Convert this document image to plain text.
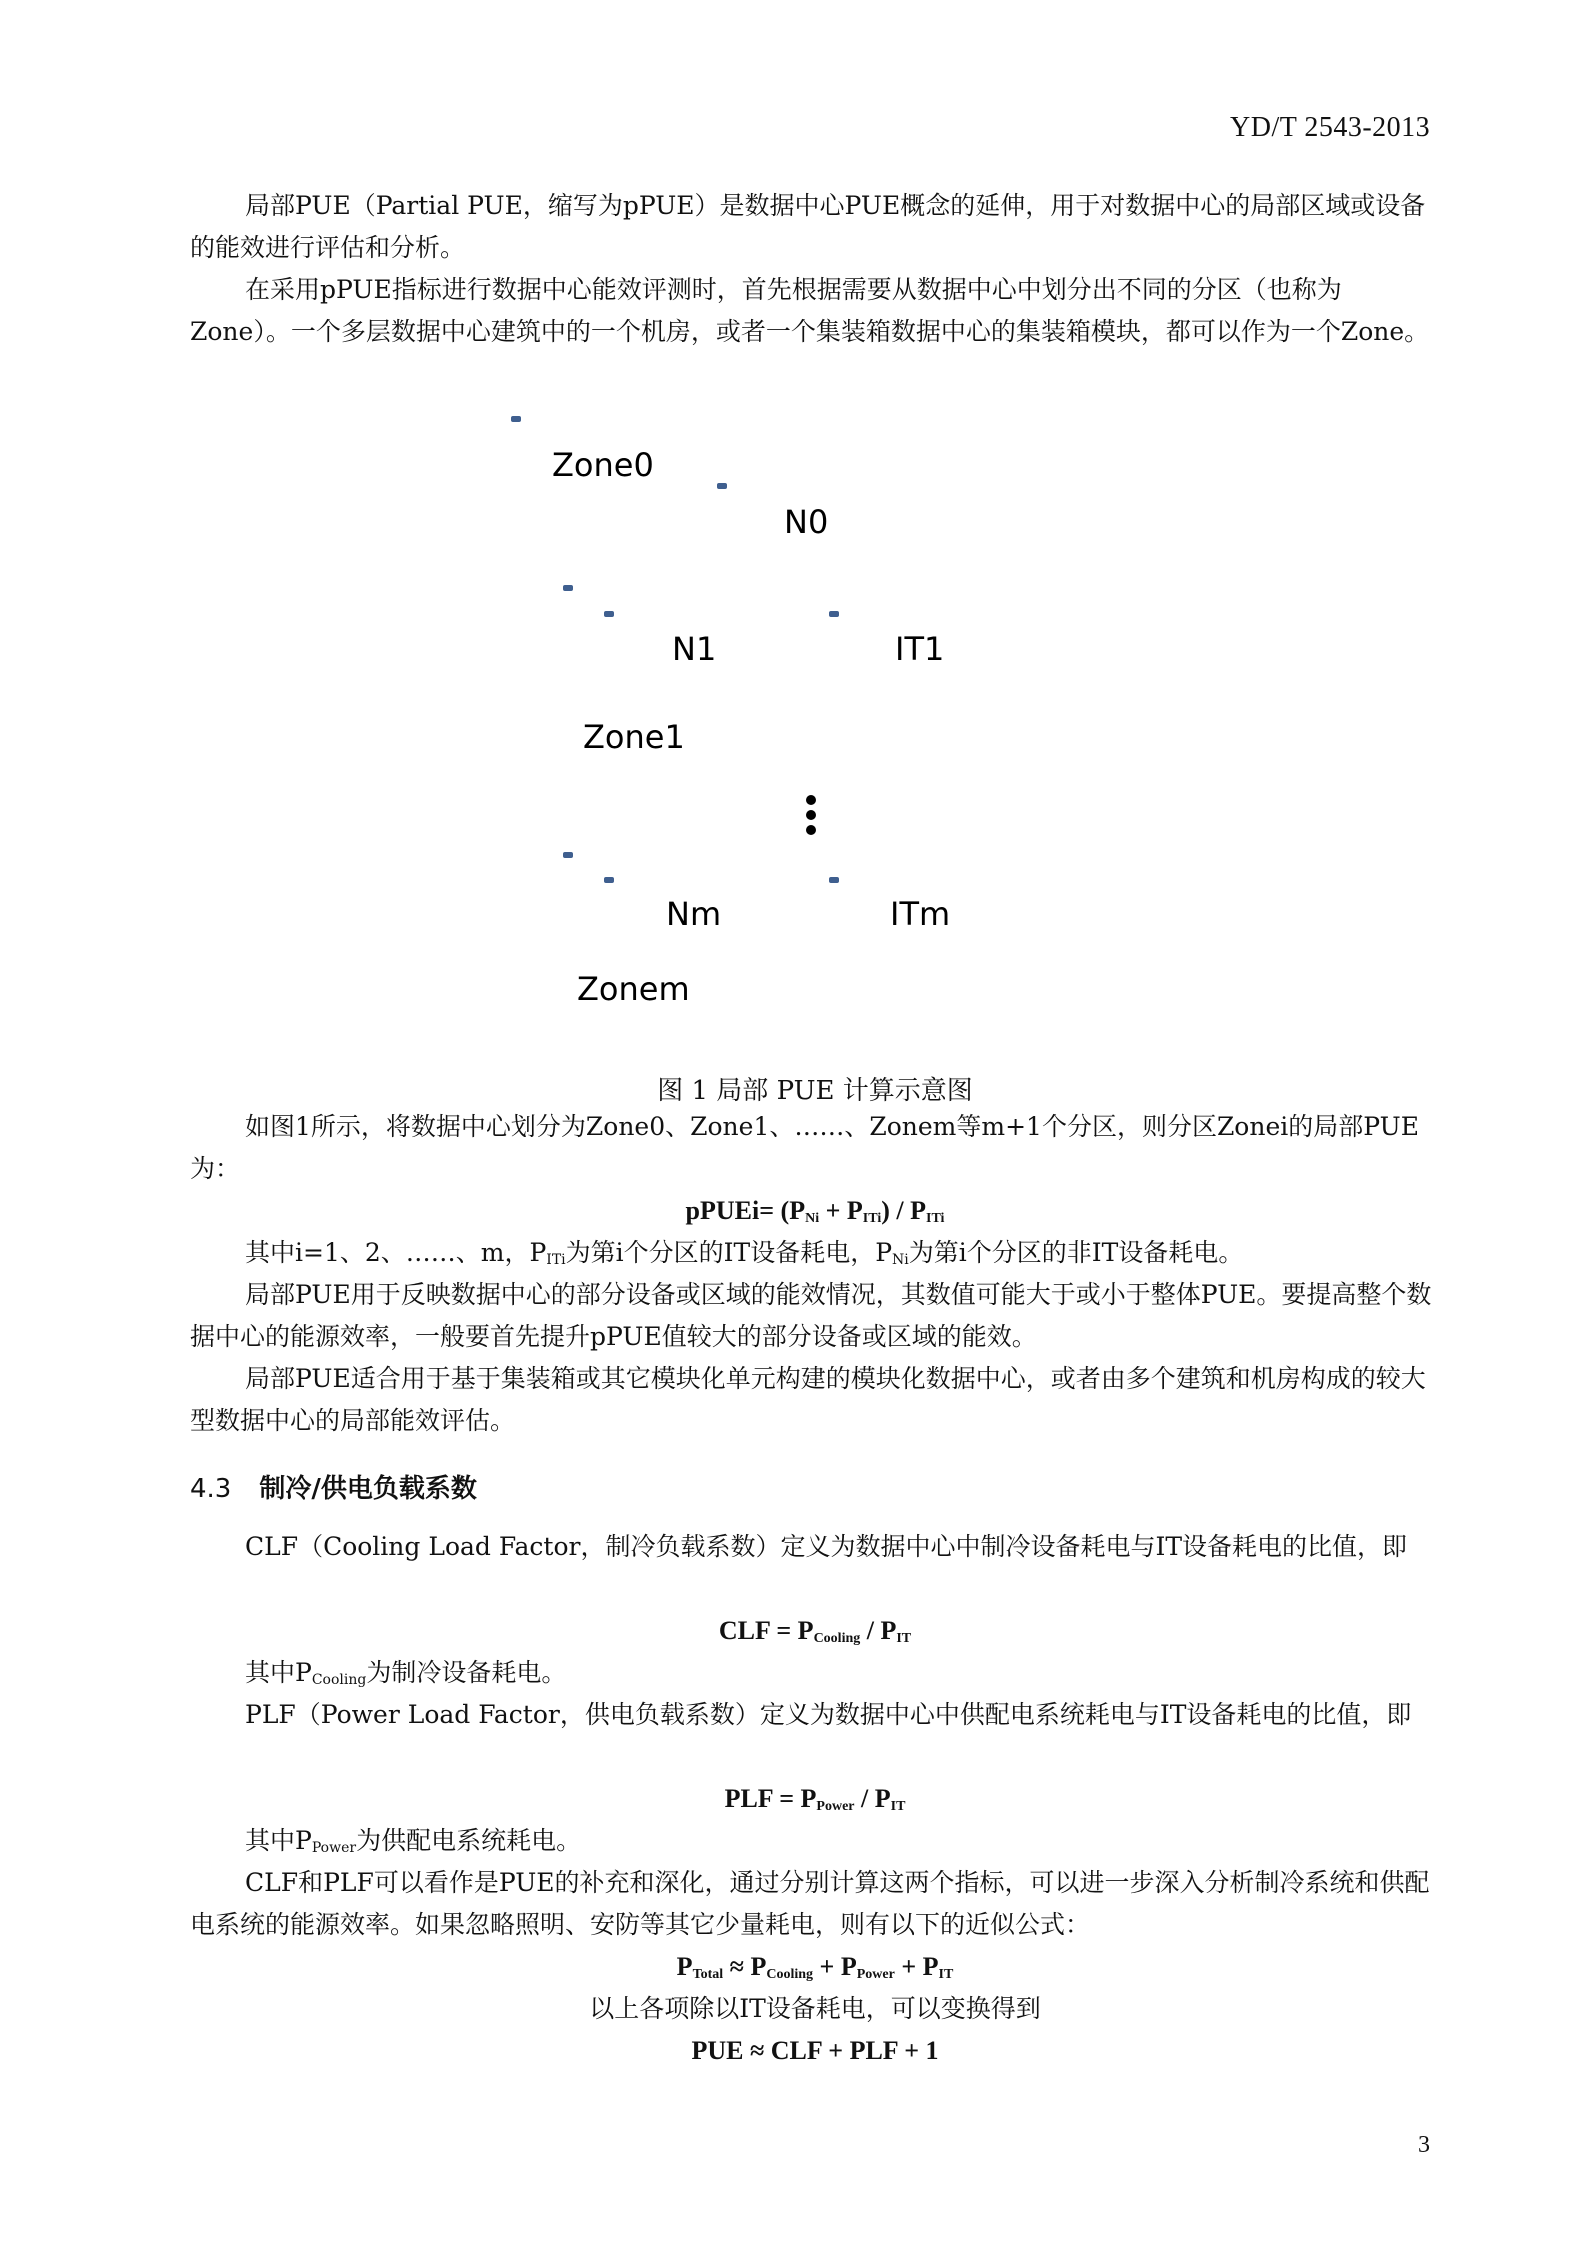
YD/T 2543-2013
局部PUE（Partial PUE，缩写为pPUE）是数据中心PUE概念的延伸，用于对数据中心的局部区域或设备的能效进行评估和分析。
在采用pPUE指标进行数据中心能效评测时，首先根据需要从数据中心中划分出不同的分区（也称为Zone）。一个多层数据中心建筑中的一个机房，或者一个集装箱数据中心的集装箱模块，都可以作为一个Zone。
Zone0
N0
N1	IT1
Zone1
Nm	ITm
Zonem
图 1 局部 PUE 计算示意图
如图1所示，将数据中心划分为Zone0、Zone1、……、Zonem等m+1个分区，则分区Zonei的局部PUE为：
pPUEi= $(P_{Ni} + P_{ITi}) / P_{ITi}$
其中i=1、2、……、m，PITi为第i个分区的IT设备耗电，PNi为第i个分区的非IT设备耗电。
局部PUE用于反映数据中心的部分设备或区域的能效情况，其数值可能大于或小于整体PUE。要提高整个数据中心的能源效率，一般要首先提升pPUE值较大的部分设备或区域的能效。
局部PUE适合用于基于集装箱或其它模块化单元构建的模块化数据中心，或者由多个建筑和机房构成的较大型数据中心的局部能效评估。
4.3 制冷/供电负载系数
CLF（Cooling Load Factor，制冷负载系数）定义为数据中心中制冷设备耗电与IT设备耗电的比值，即
CLF = $P_{Cooling} / P_{IT}$
其中PCooling为制冷设备耗电。
PLF（Power Load Factor，供电负载系数）定义为数据中心中供配电系统耗电与IT设备耗电的比值，即
PLF = $P_{Power} / P_{IT}$
其中PPower为供配电系统耗电。
CLF和PLF可以看作是PUE的补充和深化，通过分别计算这两个指标，可以进一步深入分析制冷系统和供配电系统的能源效率。如果忽略照明、安防等其它少量耗电，则有以下的近似公式：
$P_{Total} \approx P_{Cooling} + P_{Power} + P_{IT}$
以上各项除以IT设备耗电，可以变换得到
PUE ≈ CLF + PLF + 1
3
